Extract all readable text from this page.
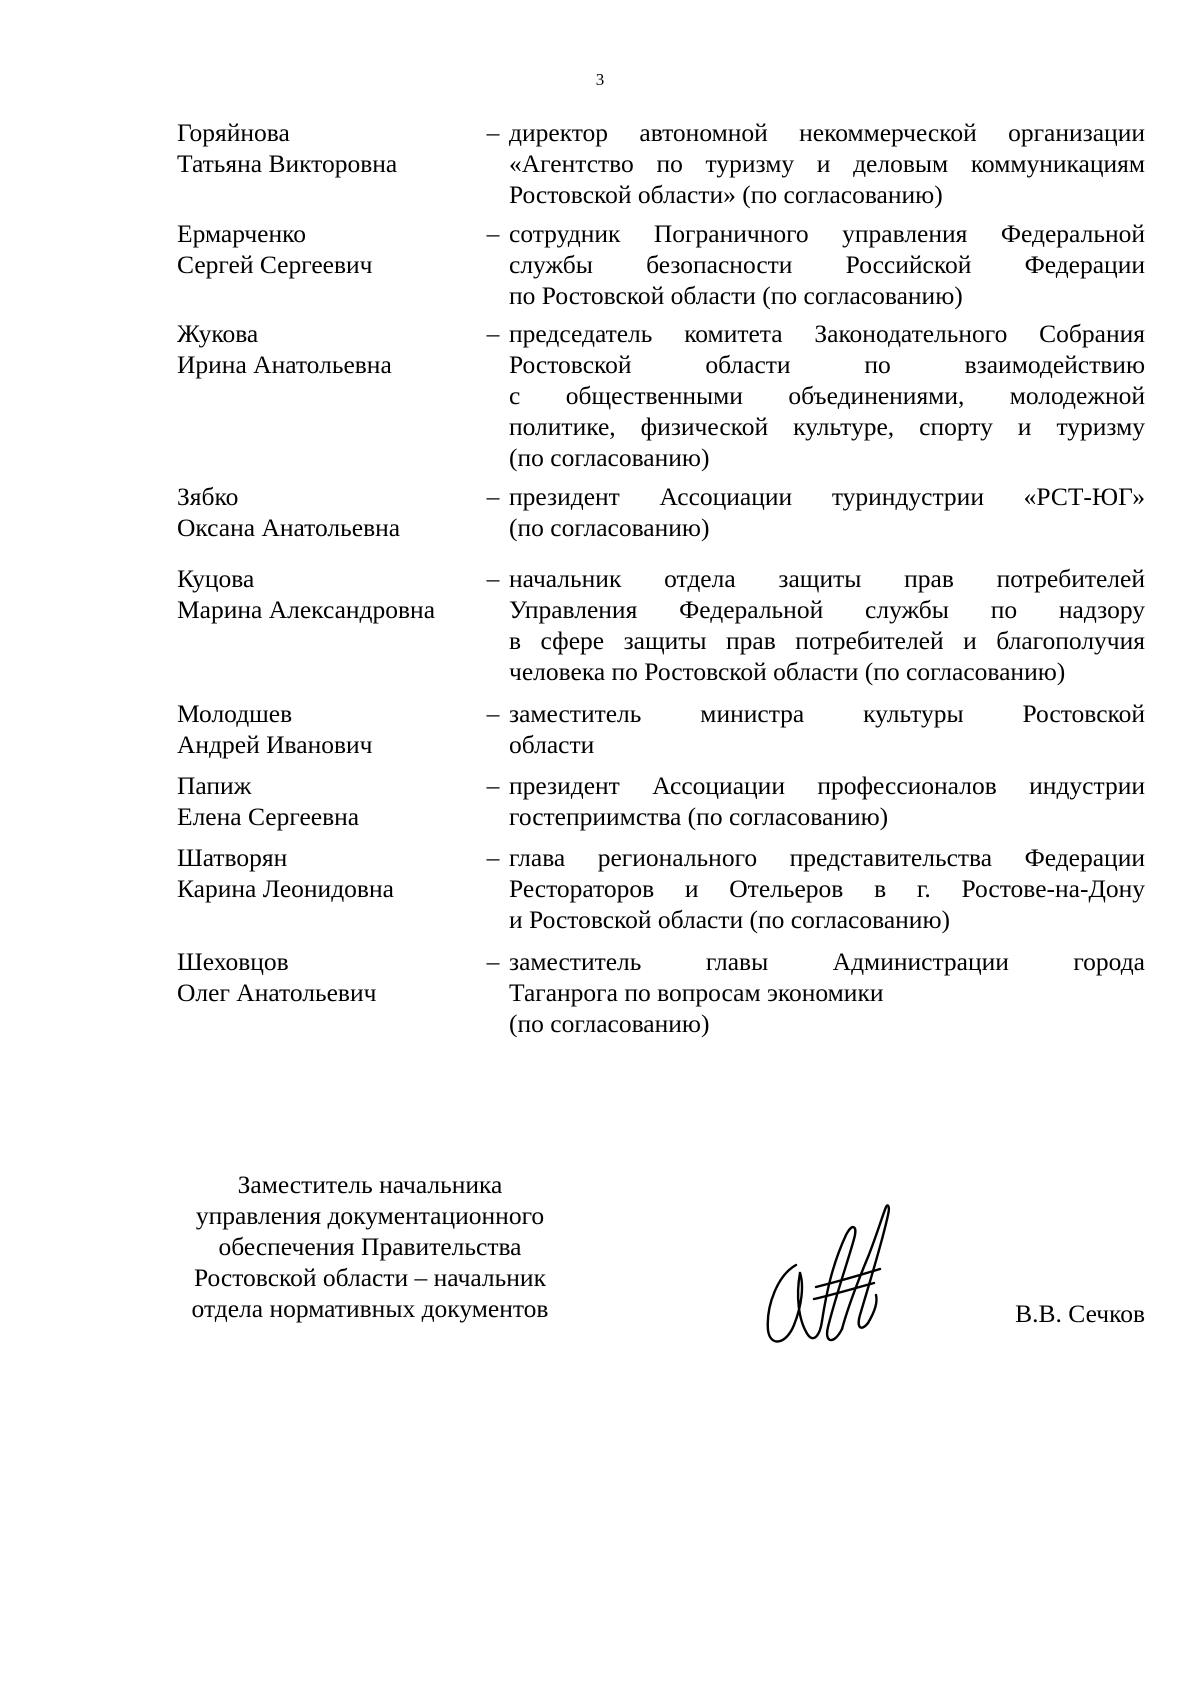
3
Горяйнова
Татьяна Викторовна
– директор автономной некоммерческой организации
«Агентство по туризму и деловым коммуникациям
Ростовской области» (по согласованию)
Ермарченко
Сергей Сергеевич
– сотрудник Пограничного управления Федеральной
службы безопасности Российской Федерации
по Ростовской области (по согласованию)
Жукова
Ирина Анатольевна
– председатель комитета Законодательного Собрания
Ростовской области по взаимодействию
с общественными объединениями, молодежной
политике, физической культуре, спорту и туризму
(по согласованию)
Зябко
Оксана Анатольевна
– президент Ассоциации туриндустрии «РСТ-ЮГ»
(по согласованию)
Куцова
Марина Александровна
– начальник отдела защиты прав потребителей
Управления Федеральной службы по надзору
в сфере защиты прав потребителей и благополучия
человека по Ростовской области (по согласованию)
Молодшев
Андрей Иванович
– заместитель министра культуры Ростовской
области
Папиж
Елена Сергеевна
– президент Ассоциации профессионалов индустрии
гостеприимства (по согласованию)
Шатворян
Карина Леонидовна
– глава регионального представительства Федерации
Рестораторов и Отельеров в г. Ростове-на-Дону
и Ростовской области (по согласованию)
Шеховцов
Олег Анатольевич
– заместитель главы Администрации города
Таганрога по вопросам экономики
(по согласованию)
Заместитель начальника
управления документационного
обеспечения Правительства
Ростовской области – начальник
отдела нормативных документов	В.В. Сечков
